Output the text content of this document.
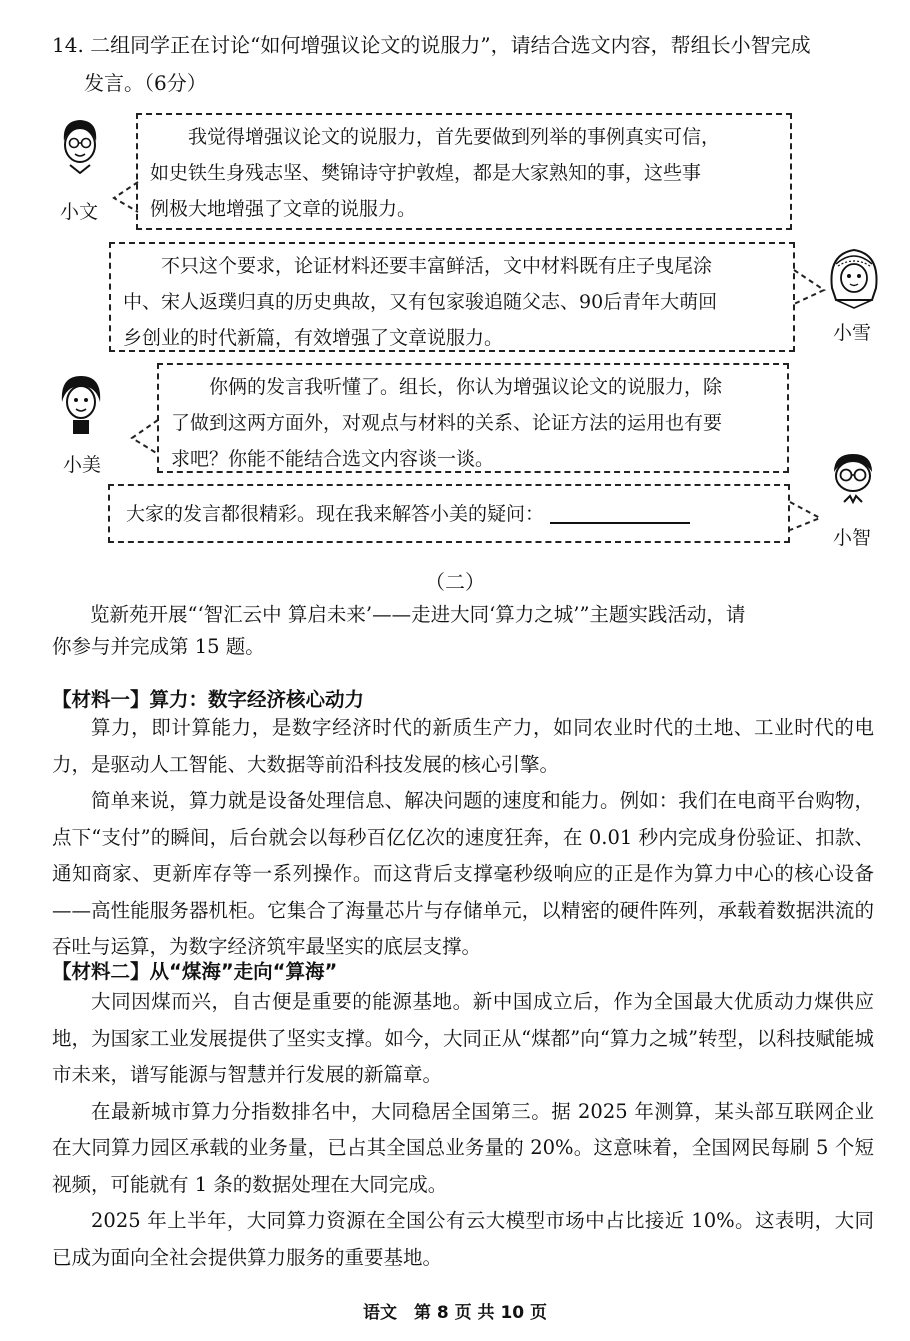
14. 二组同学正在讨论“如何增强议论文的说服力”，请结合选文内容，帮组长小智完成
发言。（6分）
小文
我觉得增强议论文的说服力，首先要做到列举的事例真实可信，
如史铁生身残志坚、樊锦诗守护敦煌，都是大家熟知的事，这些事
例极大地增强了文章的说服力。
不只这个要求，论证材料还要丰富鲜活，文中材料既有庄子曳尾涂
中、宋人返璞归真的历史典故，又有包家骏追随父志、90后青年大萌回
乡创业的时代新篇，有效增强了文章说服力。	小雪
小美
你俩的发言我听懂了。组长，你认为增强议论文的说服力，除
了做到这两方面外，对观点与材料的关系、论证方法的运用也有要
求吧？你能不能结合选文内容谈一谈。
大家的发言都很精彩。现在我来解答小美的疑问：
小智
（二）
览新苑开展“‘智汇云中 算启未来’——走进大同‘算力之城’”主题实践活动，请
你参与并完成第 15 题。
【材料一】算力：数字经济核心动力
算力，即计算能力，是数字经济时代的新质生产力，如同农业时代的土地、工业时代的电力，是驱动人工智能、大数据等前沿科技发展的核心引擎。
简单来说，算力就是设备处理信息、解决问题的速度和能力。例如：我们在电商平台购物，点下“支付”的瞬间，后台就会以每秒百亿亿次的速度狂奔，在 0.01 秒内完成身份验证、扣款、通知商家、更新库存等一系列操作。而这背后支撑毫秒级响应的正是作为算力中心的核心设备——高性能服务器机柜。它集合了海量芯片与存储单元，以精密的硬件阵列，承载着数据洪流的吞吐与运算，为数字经济筑牢最坚实的底层支撑。
【材料二】从“煤海”走向“算海”
大同因煤而兴，自古便是重要的能源基地。新中国成立后，作为全国最大优质动力煤供应地，为国家工业发展提供了坚实支撑。如今，大同正从“煤都”向“算力之城”转型，以科技赋能城市未来，谱写能源与智慧并行发展的新篇章。
在最新城市算力分指数排名中，大同稳居全国第三。据 2025 年测算，某头部互联网企业在大同算力园区承载的业务量，已占其全国总业务量的 20%。这意味着，全国网民每刷 5 个短视频，可能就有 1 条的数据处理在大同完成。
2025 年上半年，大同算力资源在全国公有云大模型市场中占比接近 10%。这表明，大同已成为面向全社会提供算力服务的重要基地。
语文　第 8 页 共 10 页
